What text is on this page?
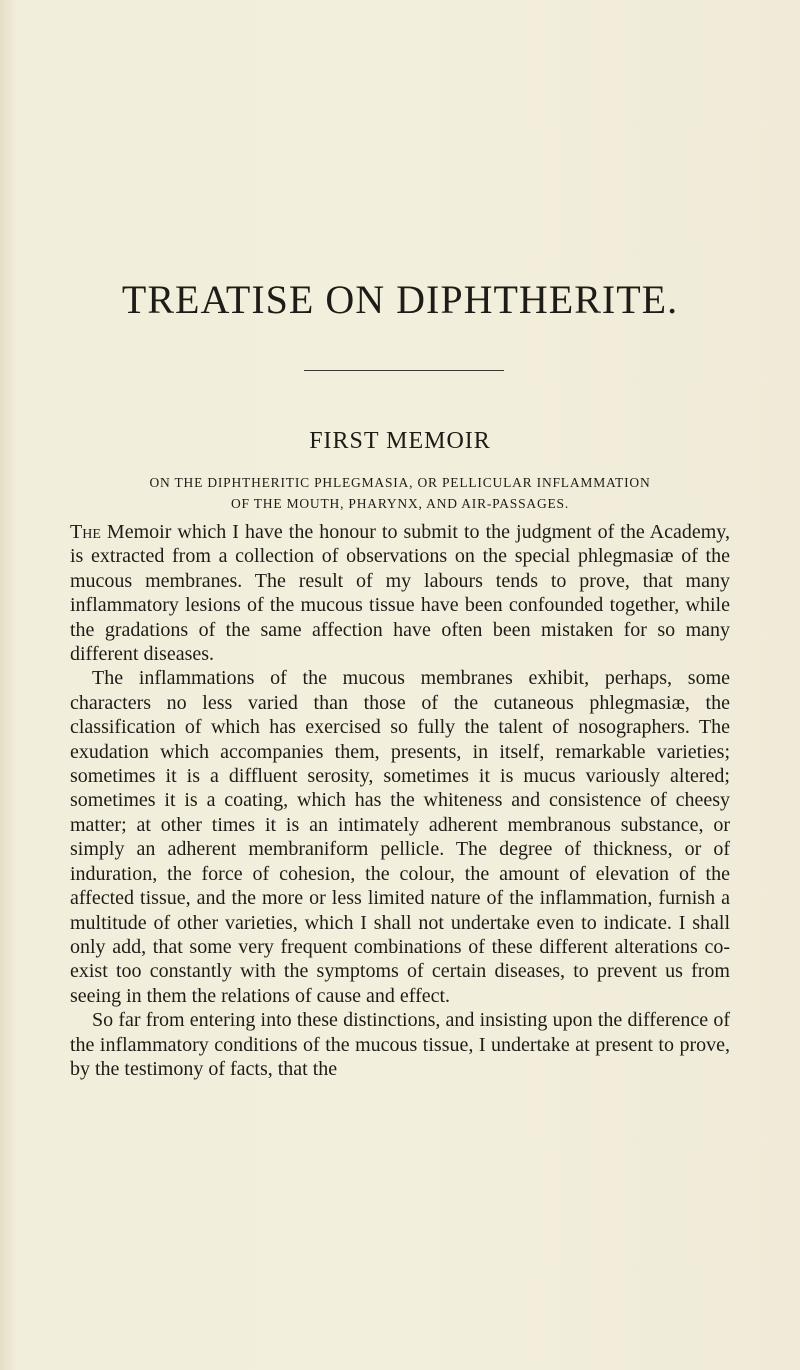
TREATISE ON DIPHTHERITE.
FIRST MEMOIR
ON THE DIPHTHERITIC PHLEGMASIA, OR PELLICULAR INFLAMMATION
OF THE MOUTH, PHARYNX, AND AIR-PASSAGES.

The Memoir which I have the honour to submit to the judgment of the Academy, is extracted from a collection of observations on the special phlegmasiæ of the mucous membranes. The result of my labours tends to prove, that many inflammatory lesions of the mucous tissue have been confounded together, while the gradations of the same affection have often been mistaken for so many different diseases.

The inflammations of the mucous membranes exhibit, perhaps, some characters no less varied than those of the cutaneous phlegmasiæ, the classification of which has exercised so fully the talent of nosographers. The exudation which accompanies them, presents, in itself, remarkable varieties; sometimes it is a diffluent serosity, sometimes it is mucus variously altered; sometimes it is a coating, which has the whiteness and consistence of cheesy matter; at other times it is an intimately adherent membranous substance, or simply an adherent membraniform pellicle. The degree of thickness, or of induration, the force of cohesion, the colour, the amount of elevation of the affected tissue, and the more or less limited nature of the inflammation, furnish a multitude of other varieties, which I shall not undertake even to indicate. I shall only add, that some very frequent combinations of these different alterations co-exist too constantly with the symptoms of certain diseases, to prevent us from seeing in them the relations of cause and effect.

So far from entering into these distinctions, and insisting upon the difference of the inflammatory conditions of the mucous tissue, I undertake at present to prove, by the testimony of facts, that the
